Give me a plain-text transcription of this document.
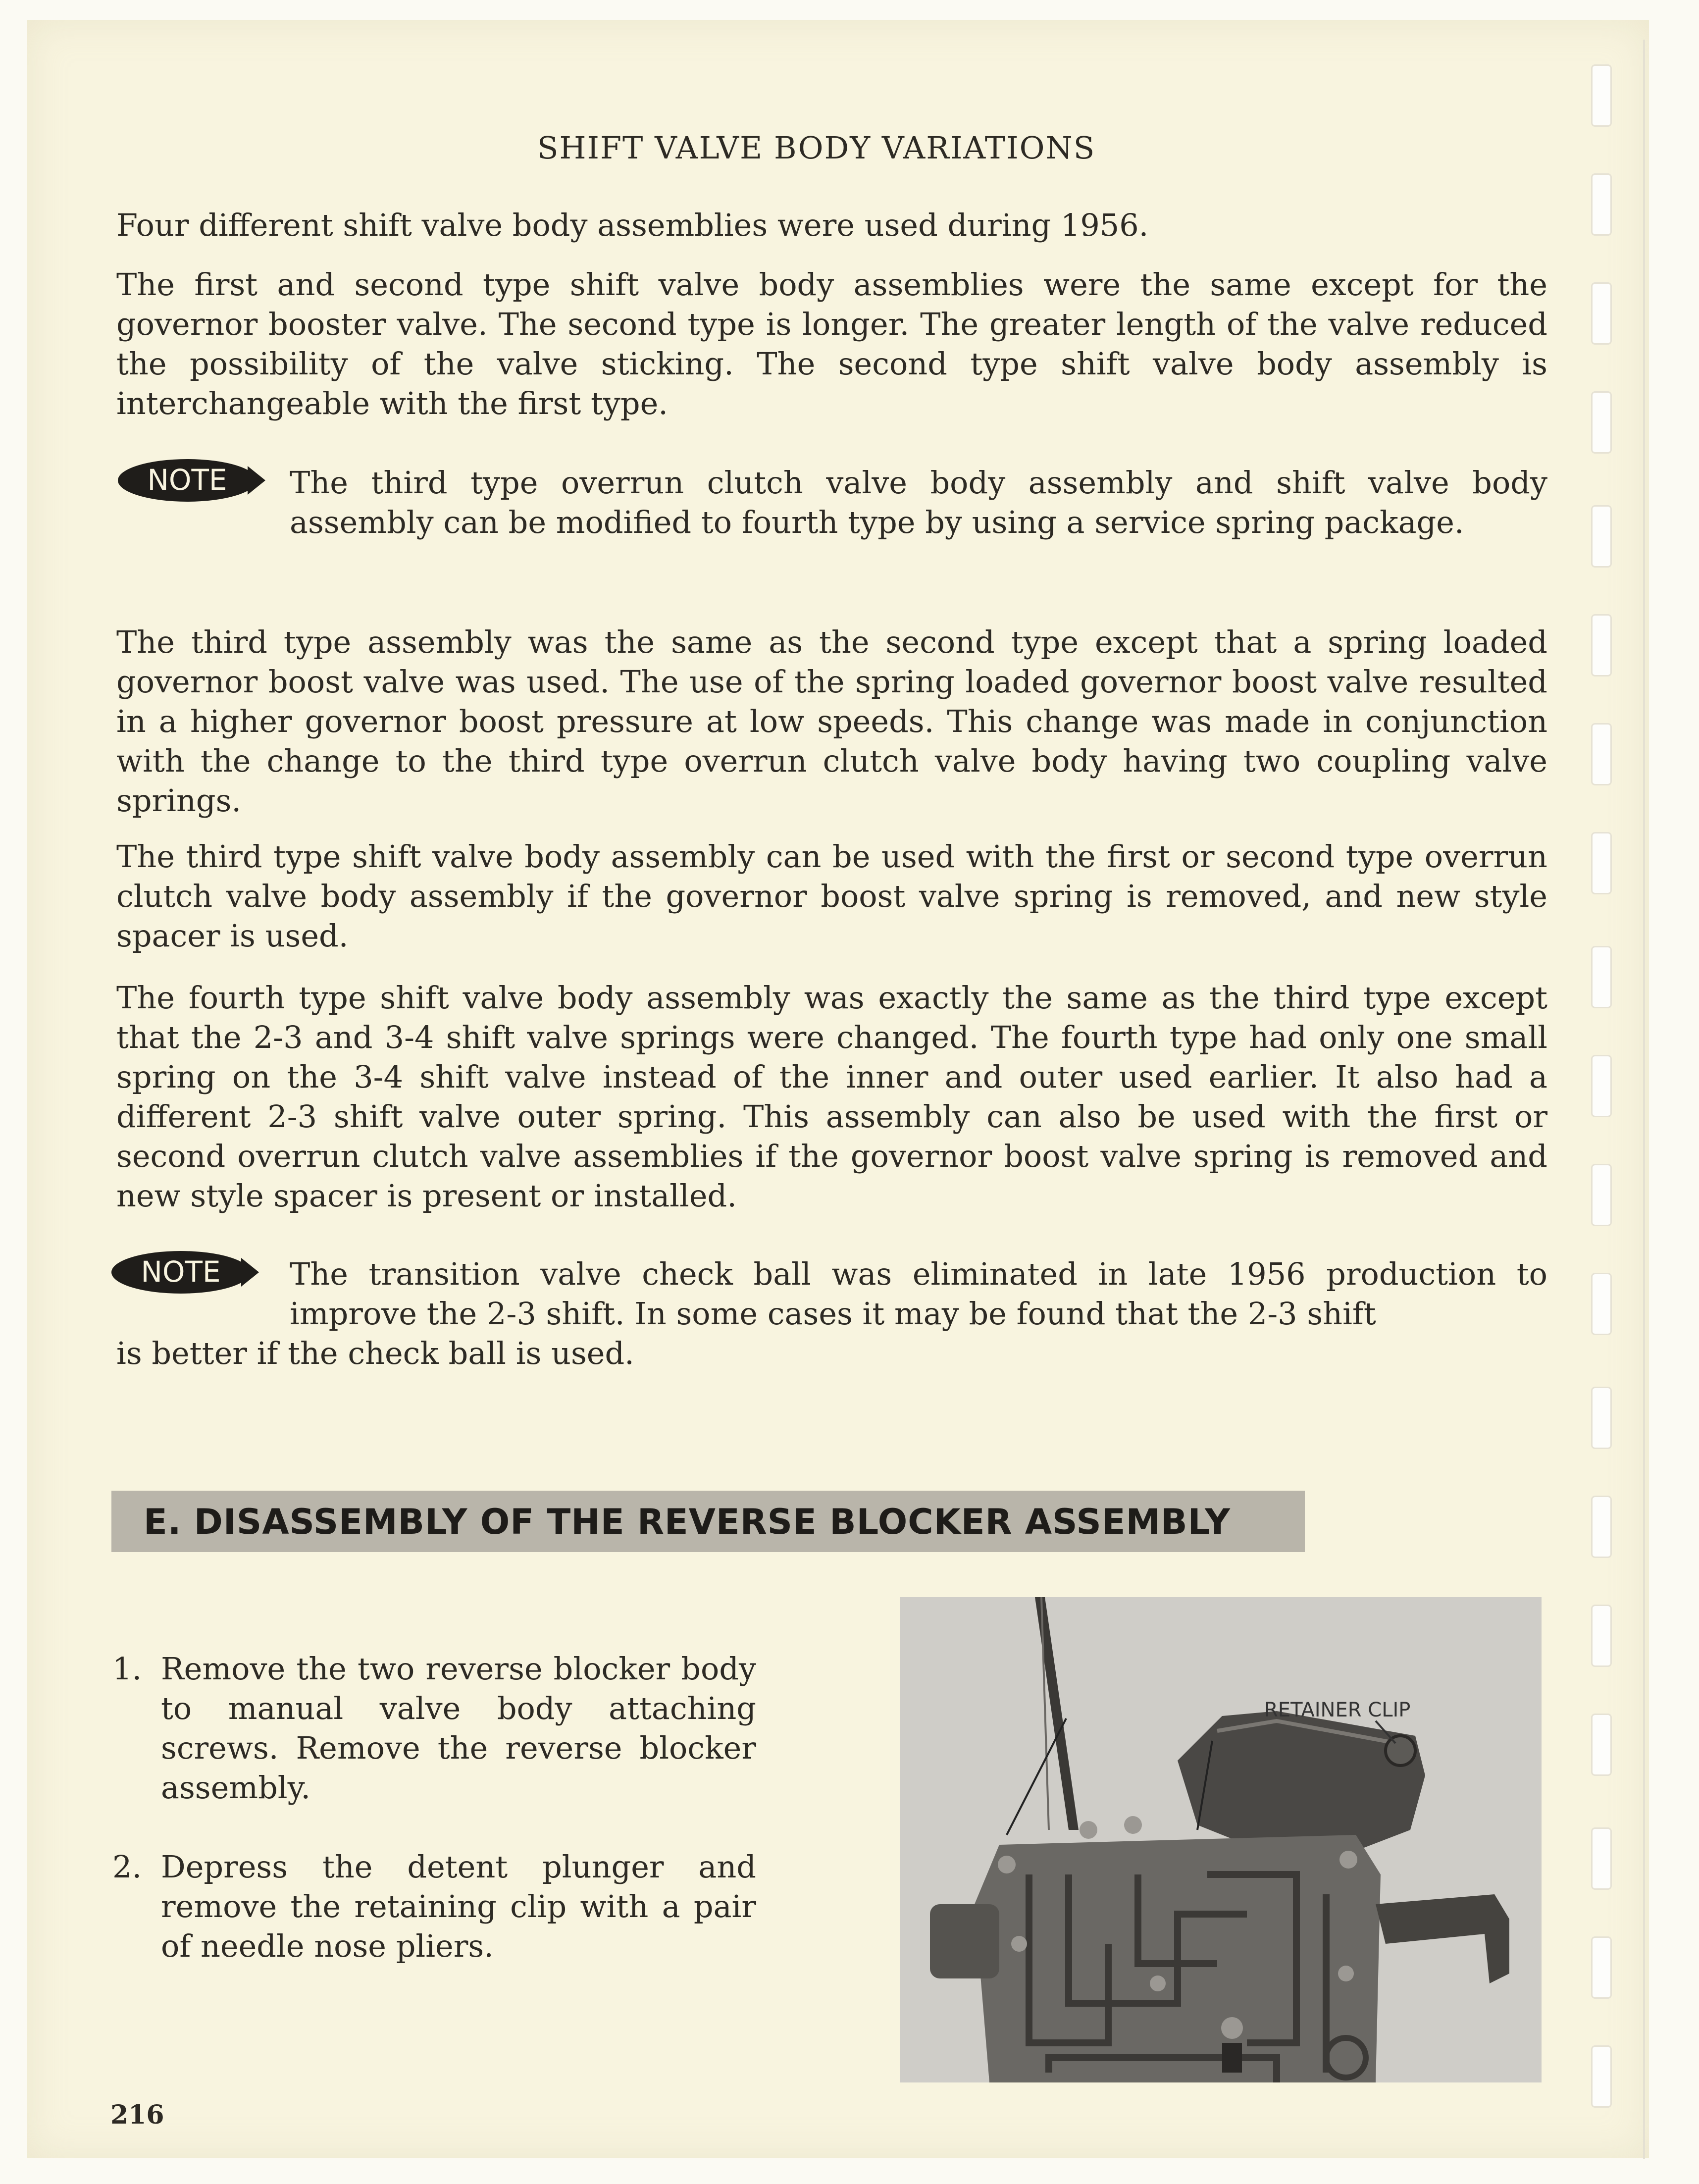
SHIFT VALVE BODY VARIATIONS

Four different shift valve body assemblies were used during 1956.

The first and second type shift valve body assemblies were the same except for the governor booster valve. The second type is longer. The greater length of the valve reduced the possibility of the valve sticking. The second type shift valve body assembly is interchangeable with the first type.

NOTE The third type overrun clutch valve body assembly and shift valve body assembly can be modified to fourth type by using a service spring package.

The third type assembly was the same as the second type except that a spring loaded governor boost valve was used. The use of the spring loaded governor boost valve resulted in a higher governor boost pressure at low speeds. This change was made in conjunction with the change to the third type overrun clutch valve body having two coupling valve springs.

The third type shift valve body assembly can be used with the first or second type overrun clutch valve body assembly if the governor boost valve spring is removed, and new style spacer is used.

The fourth type shift valve body assembly was exactly the same as the third type except that the 2-3 and 3-4 shift valve springs were changed. The fourth type had only one small spring on the 3-4 shift valve instead of the inner and outer used earlier. It also had a different 2-3 shift valve outer spring. This assembly can also be used with the first or second overrun clutch valve assemblies if the governor boost valve spring is removed and new style spacer is present or installed.

NOTE The transition valve check ball was eliminated in late 1956 production to improve the 2-3 shift. In some cases it may be found that the 2-3 shift

is better if the check ball is used.

E. DISASSEMBLY OF THE REVERSE BLOCKER ASSEMBLY

1. Remove the two reverse blocker body to manual valve body attaching screws. Remove the reverse blocker assembly.

2. Depress the detent plunger and remove the retaining clip with a pair of needle nose pliers.

RETAINER CLIP
216
